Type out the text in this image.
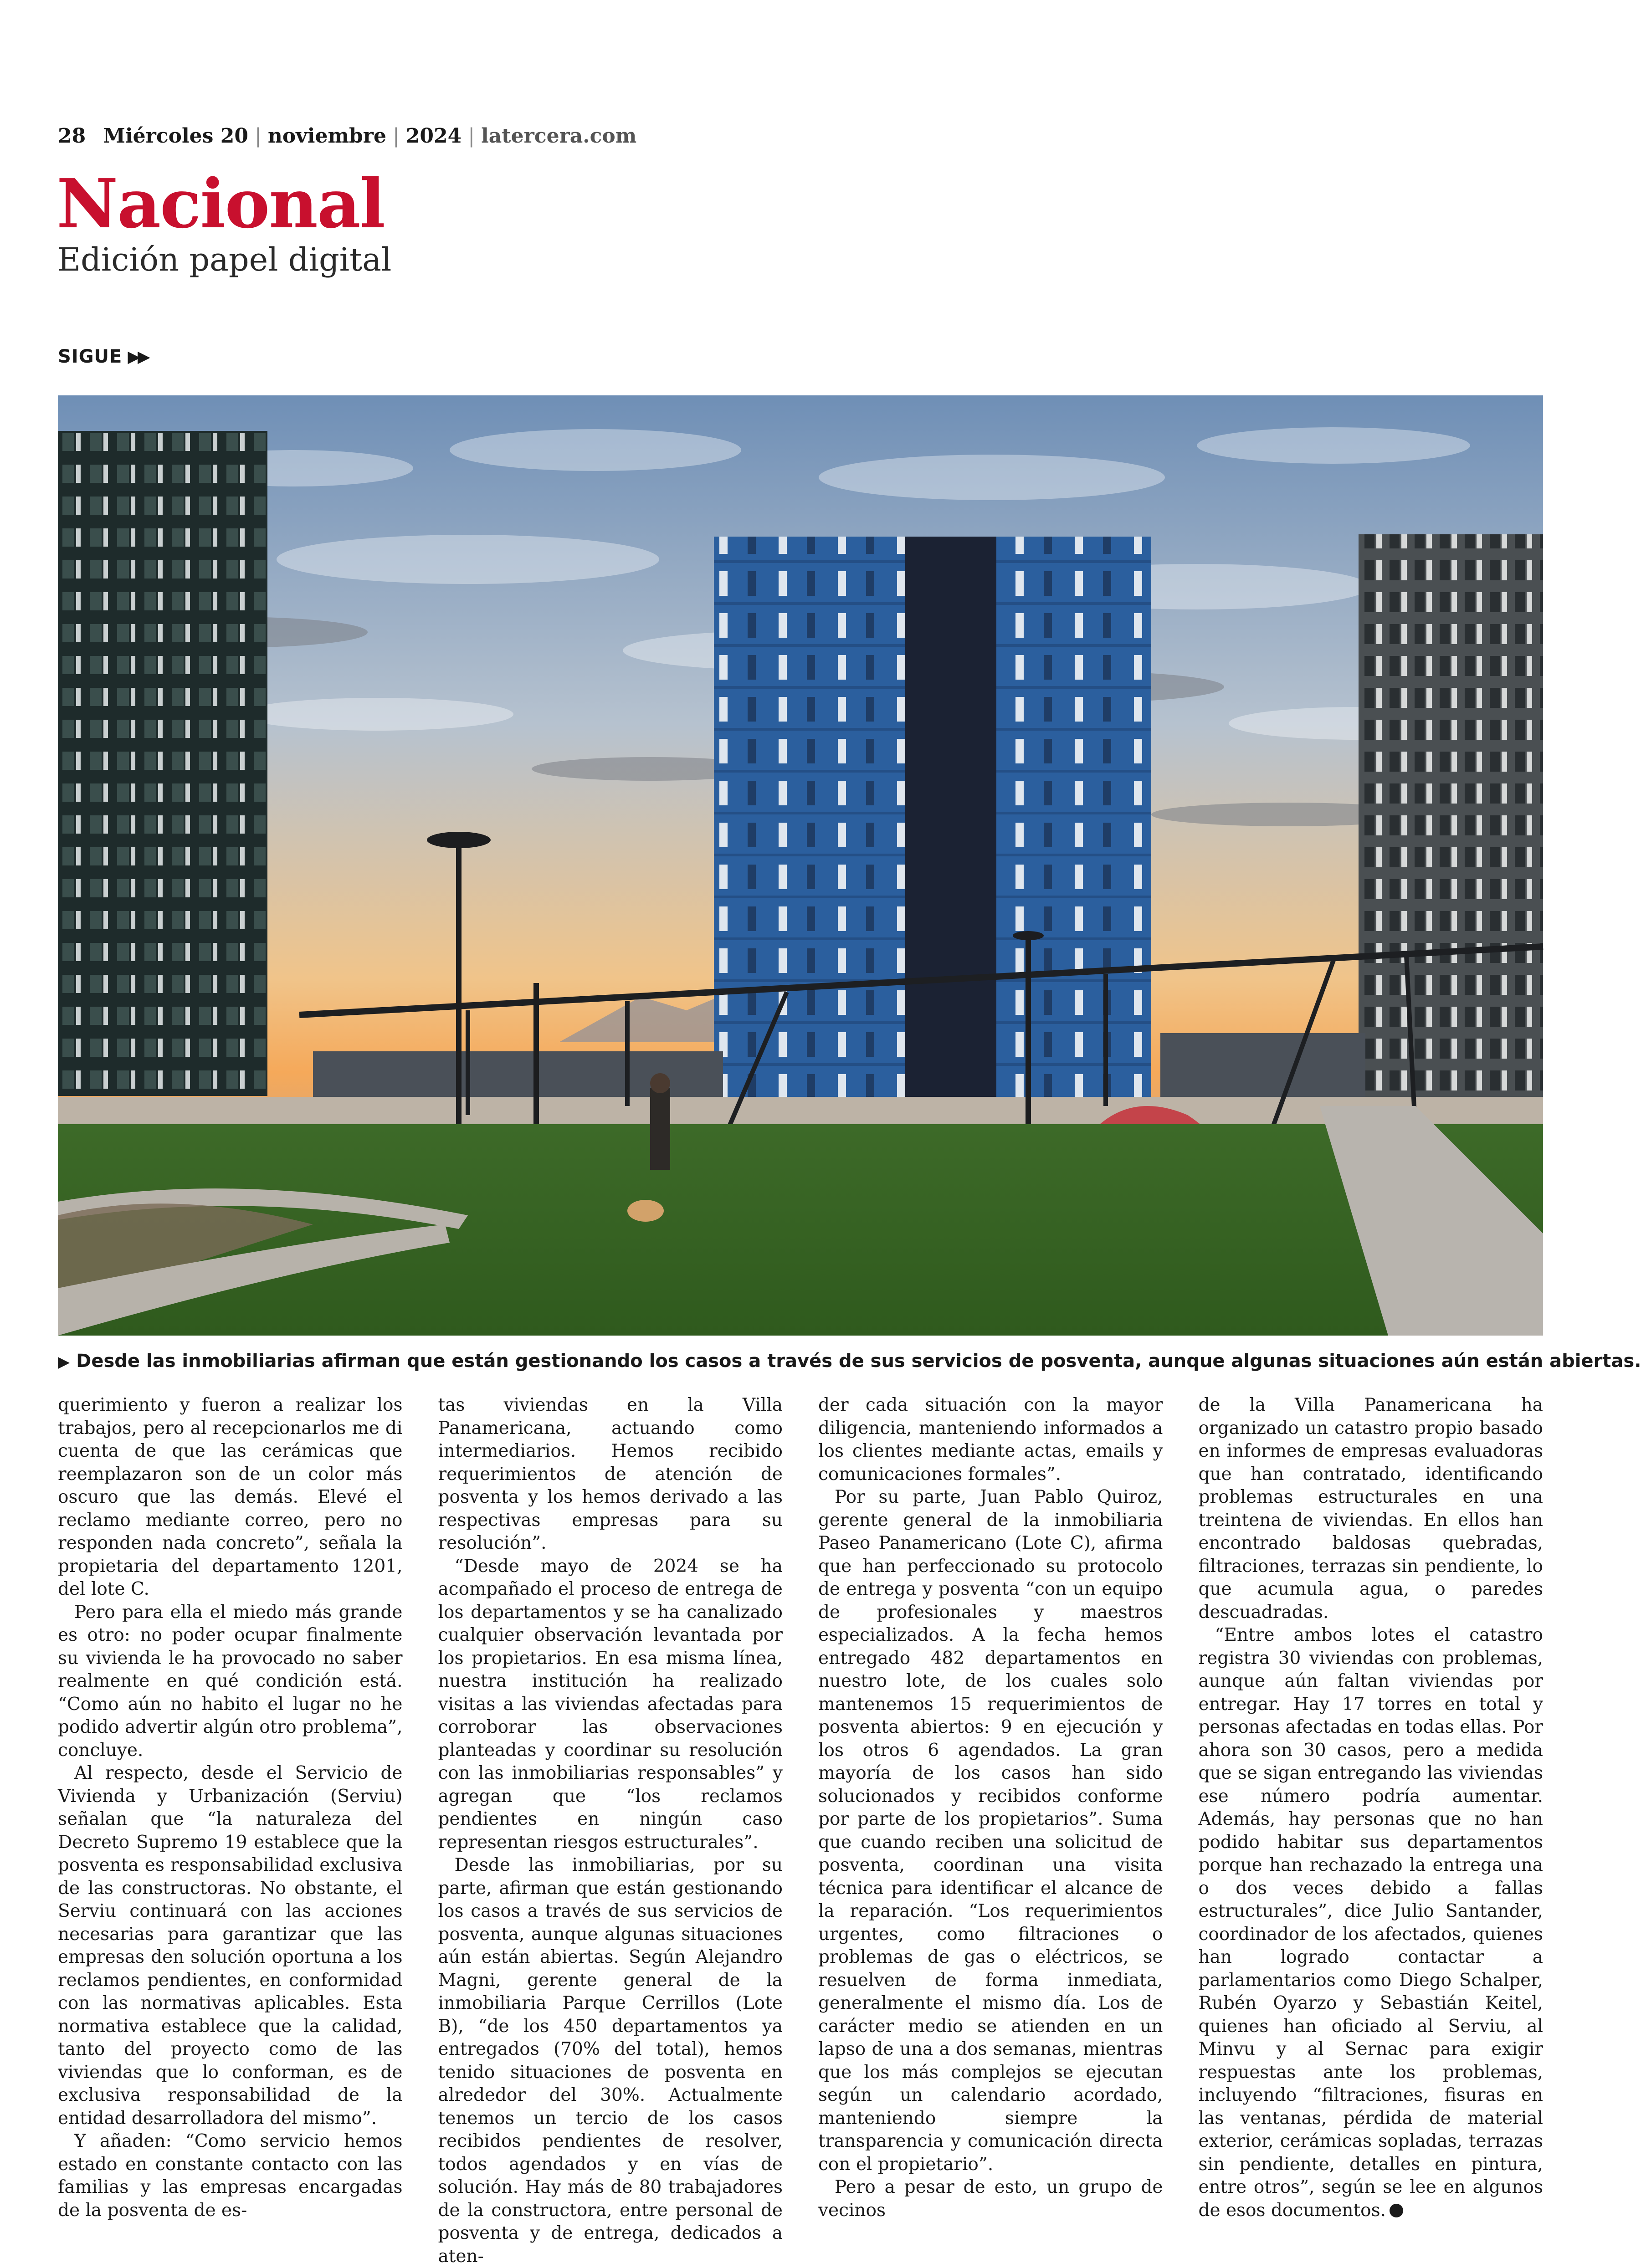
28 Miércoles 20 | noviembre | 2024 | latercera.com
Nacional
Edición papel digital
SIGUE ▶▶
▶ Desde las inmobiliarias afirman que están gestionando los casos a través de sus servicios de posventa, aunque algunas situaciones aún están abiertas.

querimiento y fueron a realizar los trabajos, pero al recepcionarlos me di cuenta de que las cerámicas que reemplazaron son de un color más oscuro que las demás. Elevé el reclamo mediante correo, pero no responden nada concreto”, señala la propietaria del departamento 1201, del lote C.

Pero para ella el miedo más grande es otro: no poder ocupar finalmente su vivienda le ha provocado no saber realmente en qué condición está. “Como aún no habito el lugar no he podido advertir algún otro problema”, concluye.

Al respecto, desde el Servicio de Vivienda y Urbanización (Serviu) señalan que “la naturaleza del Decreto Supremo 19 establece que la posventa es responsabilidad exclusiva de las constructoras. No obstante, el Serviu continuará con las acciones necesarias para garantizar que las empresas den solución oportuna a los reclamos pendientes, en conformidad con las normativas aplicables. Esta normativa establece que la calidad, tanto del proyecto como de las viviendas que lo conforman, es de exclusiva responsabilidad de la entidad desarrolladora del mismo”.

Y añaden: “Como servicio hemos estado en constante contacto con las familias y las empresas encargadas de la posventa de es-

tas viviendas en la Villa Panamericana, actuando como intermediarios. Hemos recibido requerimientos de atención de posventa y los hemos derivado a las respectivas empresas para su resolución”.

“Desde mayo de 2024 se ha acompañado el proceso de entrega de los departamentos y se ha canalizado cualquier observación levantada por los propietarios. En esa misma línea, nuestra institución ha realizado visitas a las viviendas afectadas para corroborar las observaciones planteadas y coordinar su resolución con las inmobiliarias responsables” y agregan que “los reclamos pendientes en ningún caso representan riesgos estructurales”.

Desde las inmobiliarias, por su parte, afirman que están gestionando los casos a través de sus servicios de posventa, aunque algunas situaciones aún están abiertas. Según Alejandro Magni, gerente general de la inmobiliaria Parque Cerrillos (Lote B), “de los 450 departamentos ya entregados (70% del total), hemos tenido situaciones de posventa en alrededor del 30%. Actualmente tenemos un tercio de los casos recibidos pendientes de resolver, todos agendados y en vías de solución. Hay más de 80 trabajadores de la constructora, entre personal de posventa y de entrega, dedicados a aten-

der cada situación con la mayor diligencia, manteniendo informados a los clientes mediante actas, emails y comunicaciones formales”.

Por su parte, Juan Pablo Quiroz, gerente general de la inmobiliaria Paseo Panamericano (Lote C), afirma que han perfeccionado su protocolo de entrega y posventa “con un equipo de profesionales y maestros especializados. A la fecha hemos entregado 482 departamentos en nuestro lote, de los cuales solo mantenemos 15 requerimientos de posventa abiertos: 9 en ejecución y los otros 6 agendados. La gran mayoría de los casos han sido solucionados y recibidos conforme por parte de los propietarios”. Suma que cuando reciben una solicitud de posventa, coordinan una visita técnica para identificar el alcance de la reparación. “Los requerimientos urgentes, como filtraciones o problemas de gas o eléctricos, se resuelven de forma inmediata, generalmente el mismo día. Los de carácter medio se atienden en un lapso de una a dos semanas, mientras que los más complejos se ejecutan según un calendario acordado, manteniendo siempre la transparencia y comunicación directa con el propietario”.

Pero a pesar de esto, un grupo de vecinos

de la Villa Panamericana ha organizado un catastro propio basado en informes de empresas evaluadoras que han contratado, identificando problemas estructurales en una treintena de viviendas. En ellos han encontrado baldosas quebradas, filtraciones, terrazas sin pendiente, lo que acumula agua, o paredes descuadradas.

“Entre ambos lotes el catastro registra 30 viviendas con problemas, aunque aún faltan viviendas por entregar. Hay 17 torres en total y personas afectadas en todas ellas. Por ahora son 30 casos, pero a medida que se sigan entregando las viviendas ese número podría aumentar. Además, hay personas que no han podido habitar sus departamentos porque han rechazado la entrega una o dos veces debido a fallas estructurales”, dice Julio Santander, coordinador de los afectados, quienes han logrado contactar a parlamentarios como Diego Schalper, Rubén Oyarzo y Sebastián Keitel, quienes han oficiado al Serviu, al Minvu y al Sernac para exigir respuestas ante los problemas, incluyendo “filtraciones, fisuras en las ventanas, pérdida de material exterior, cerámicas sopladas, terrazas sin pendiente, detalles en pintura, entre otros”, según se lee en algunos de esos documentos.
